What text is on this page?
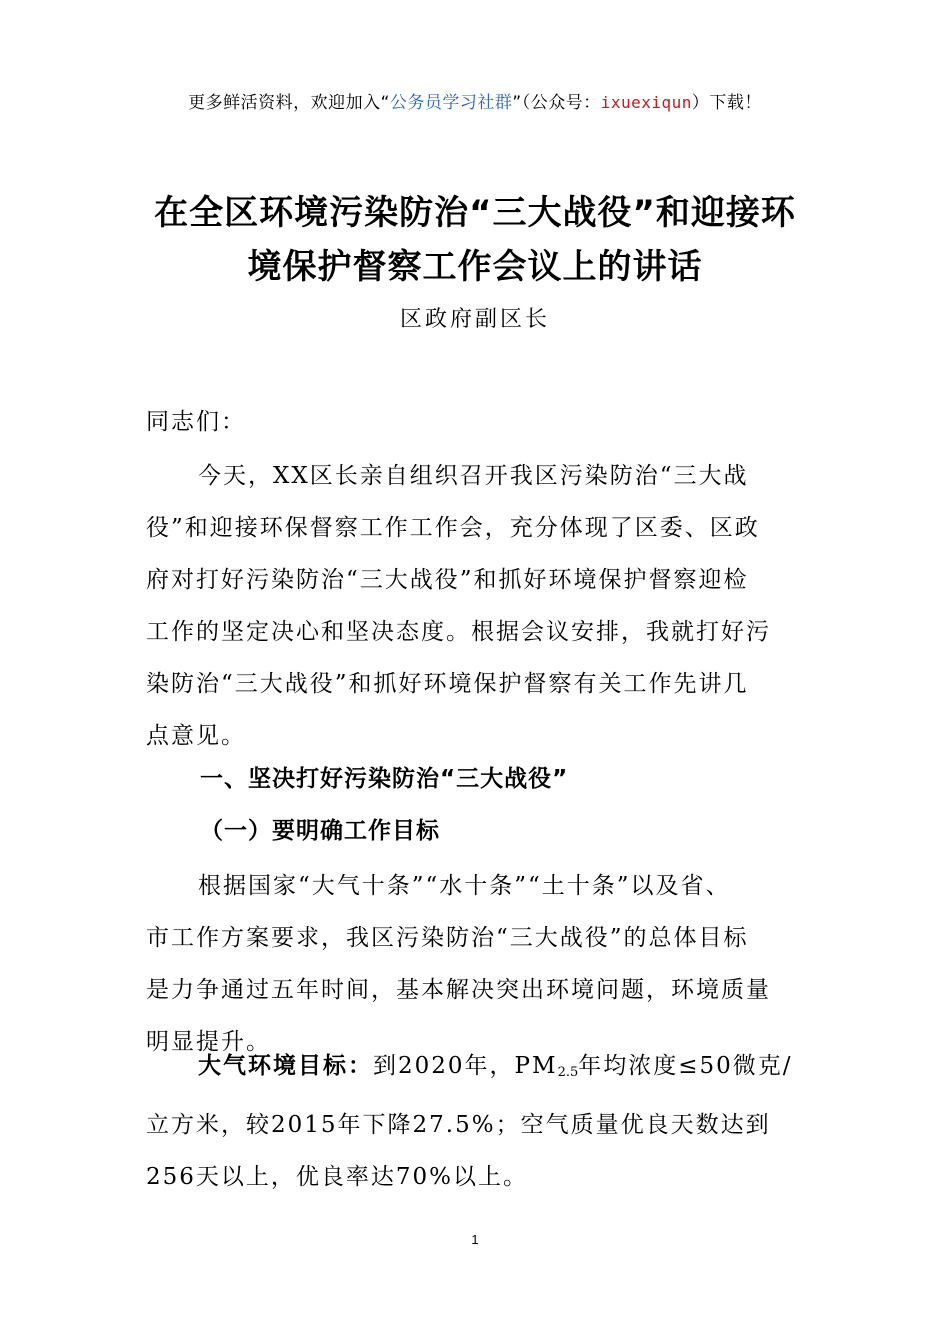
更多鲜活资料，欢迎加入“公务员学习社群”（公众号：ixuexiqun）下载！
在全区环境污染防治“三大战役”和迎接环
境保护督察工作会议上的讲话
区政府副区长
同志们：
今天，XX区长亲自组织召开我区污染防治“三大战
役”和迎接环保督察工作工作会，充分体现了区委、区政
府对打好污染防治“三大战役”和抓好环境保护督察迎检
工作的坚定决心和坚决态度。根据会议安排，我就打好污
染防治“三大战役”和抓好环境保护督察有关工作先讲几
点意见。
一、坚决打好污染防治“三大战役”
（一）要明确工作目标
根据国家“大气十条”“水十条”“土十条”以及省、
市工作方案要求，我区污染防治“三大战役”的总体目标
是力争通过五年时间，基本解决突出环境问题，环境质量
明显提升。
大气环境目标：到2020年，$PM_{2.5}$年均浓度≤50微克/
立方米，较2015年下降27.5%；空气质量优良天数达到
256天以上，优良率达70%以上。
1
